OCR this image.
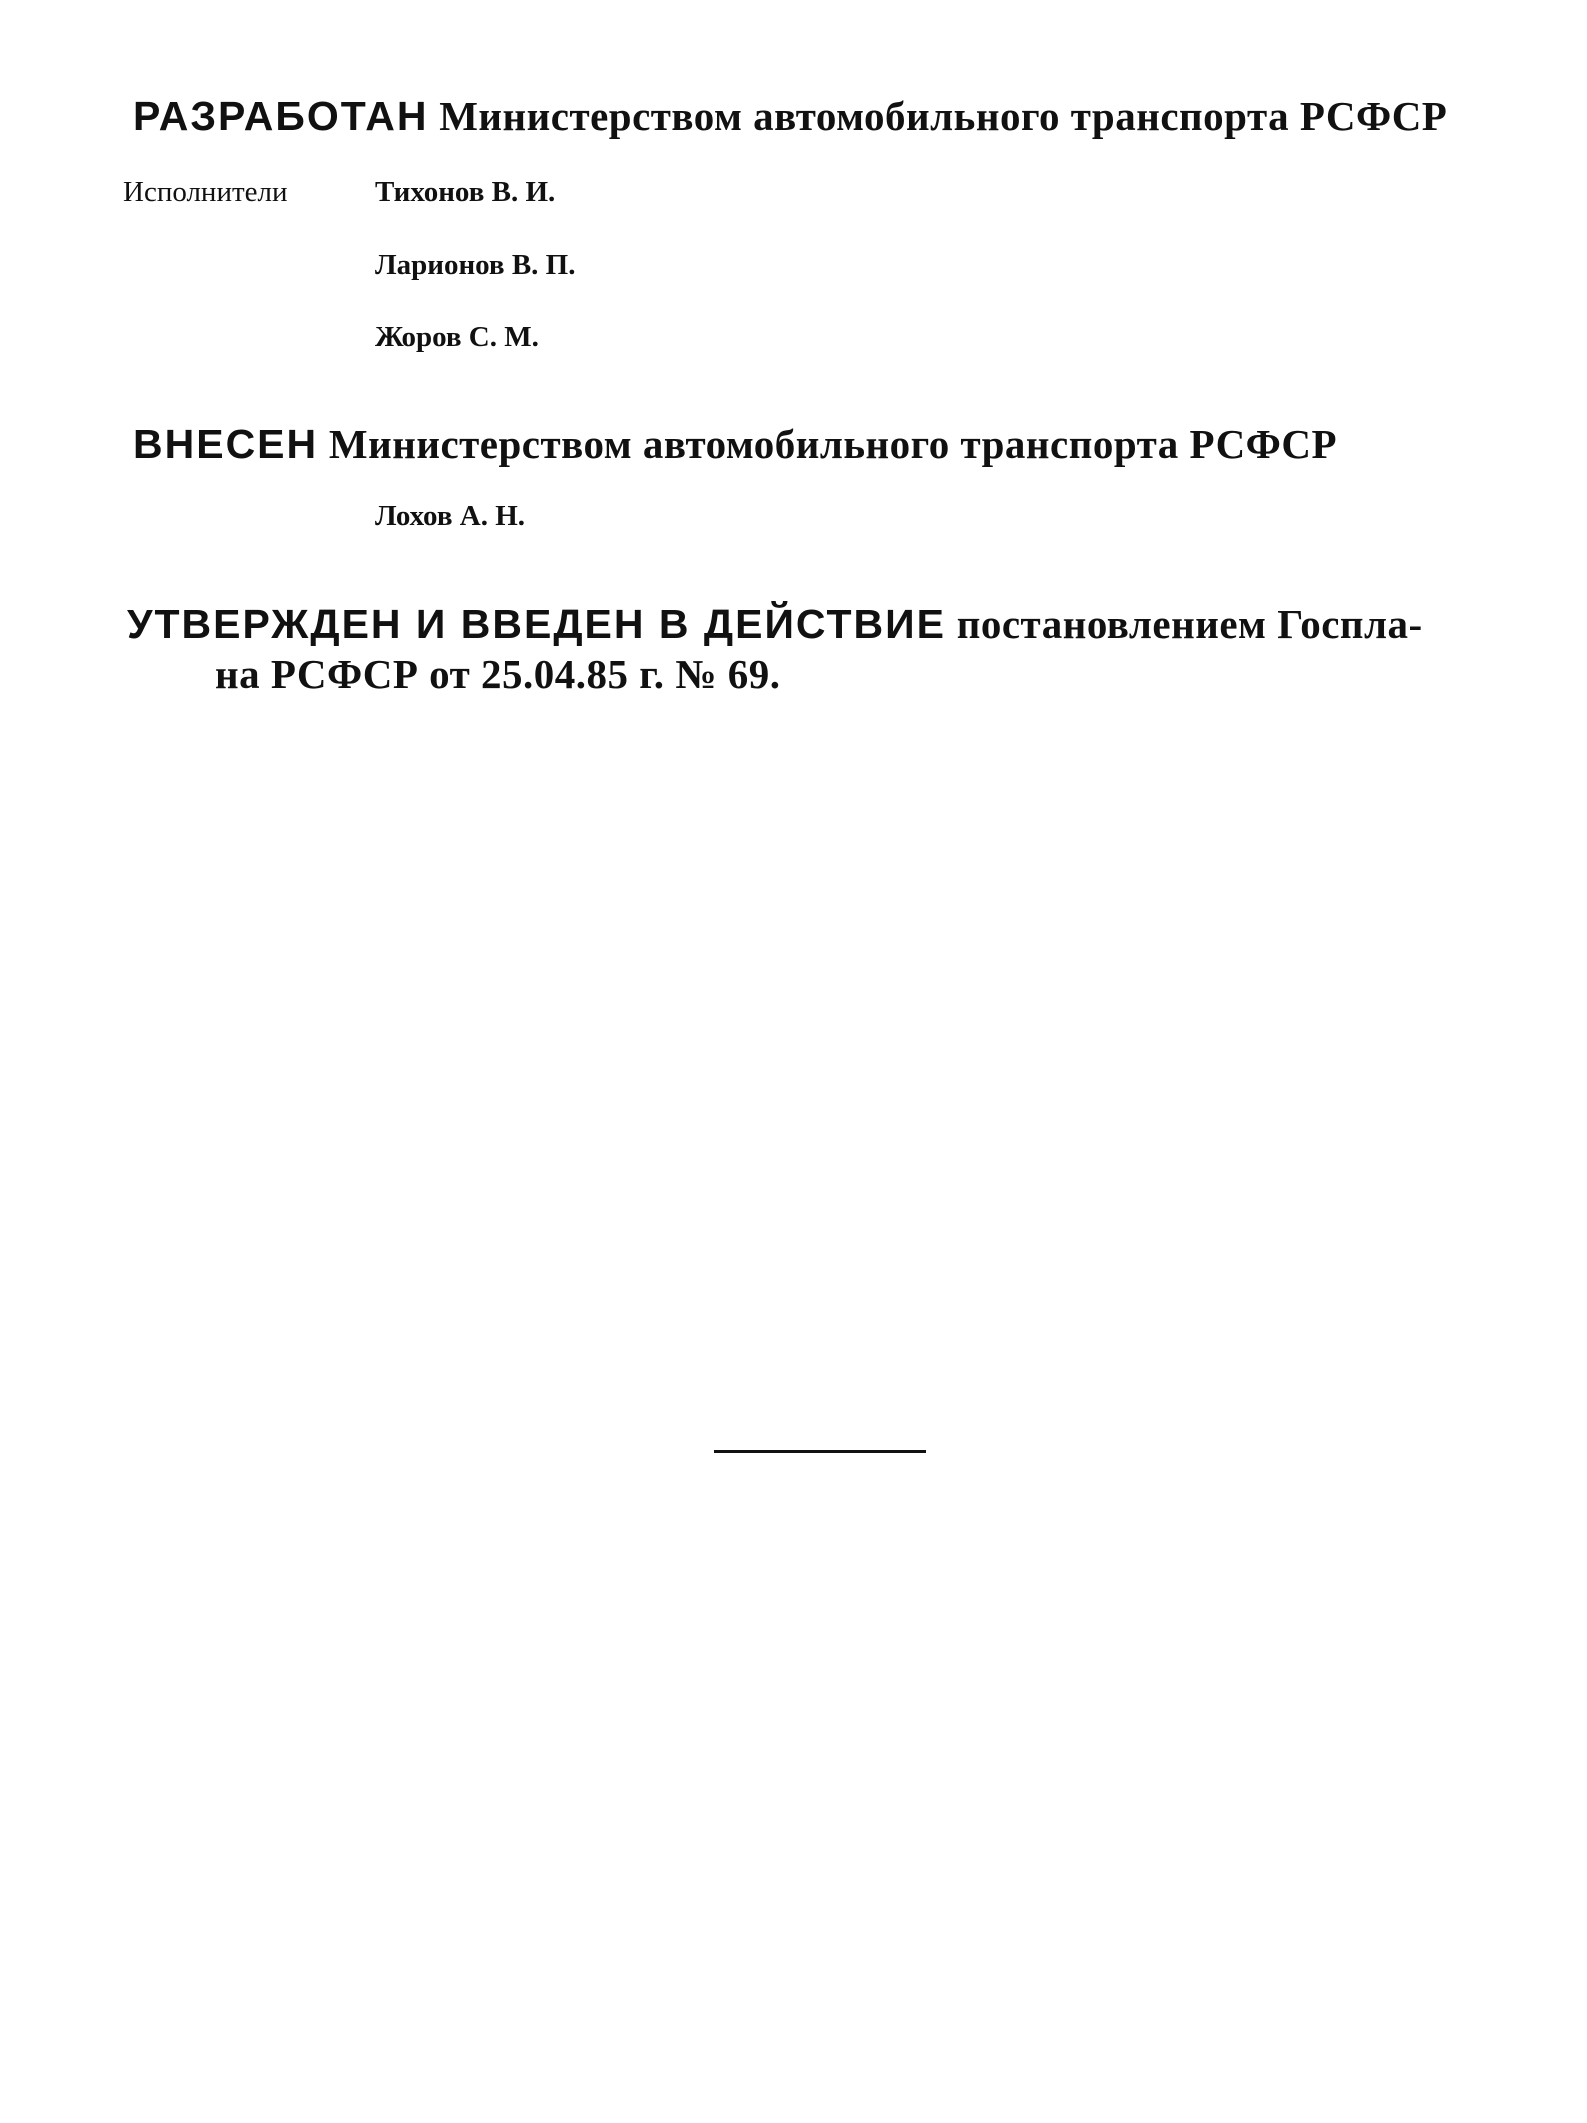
РАЗРАБОТАН Министерством автомобильного транспорта РСФСР
Исполнители	Тихонов В. И.
Ларионов В. П.
Жоров С. М.
ВНЕСЕН Министерством автомобильного транспорта РСФСР
Лохов А. Н.
УТВЕРЖДЕН И ВВЕДЕН В ДЕЙСТВИЕ постановлением Госпла-
на РСФСР от 25.04.85 г. № 69.
